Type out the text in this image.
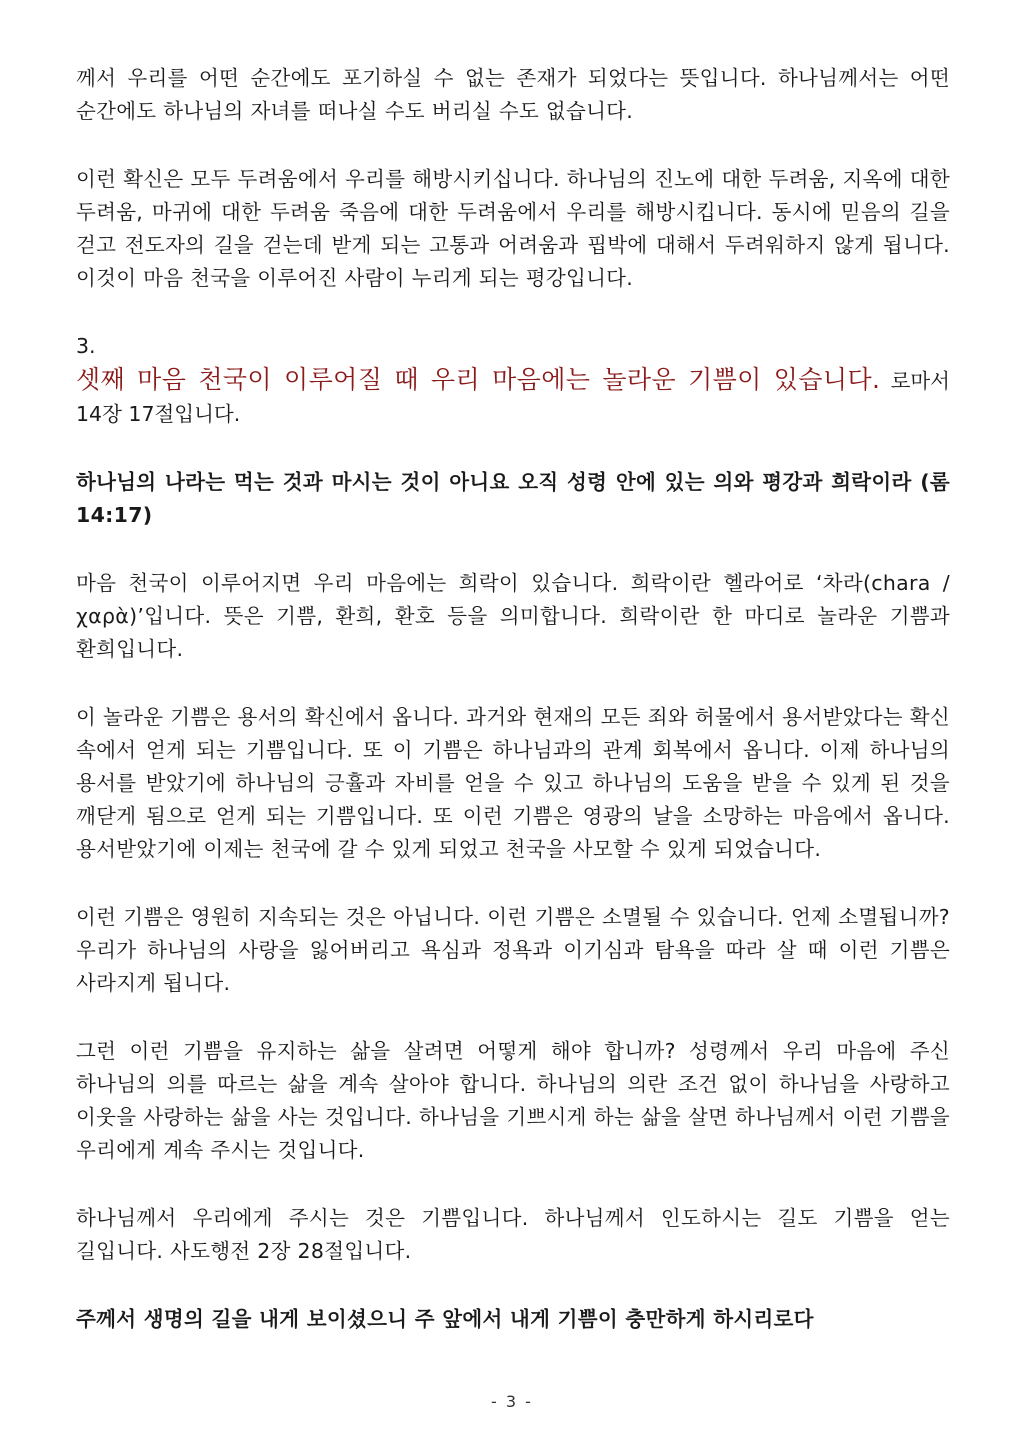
께서 우리를 어떤 순간에도 포기하실 수 없는 존재가 되었다는 뜻입니다. 하나님께서는 어떤 순간에도 하나님의 자녀를 떠나실 수도 버리실 수도 없습니다.

이런 확신은 모두 두려움에서 우리를 해방시키십니다. 하나님의 진노에 대한 두려움, 지옥에 대한 두려움, 마귀에 대한 두려움 죽음에 대한 두려움에서 우리를 해방시킵니다. 동시에 믿음의 길을 걷고 전도자의 길을 걷는데 받게 되는 고통과 어려움과 핍박에 대해서 두려워하지 않게 됩니다. 이것이 마음 천국을 이루어진 사람이 누리게 되는 평강입니다.

3.

셋째 마음 천국이 이루어질 때 우리 마음에는 놀라운 기쁨이 있습니다. 로마서 14장 17절입니다.

하나님의 나라는 먹는 것과 마시는 것이 아니요 오직 성령 안에 있는 의와 평강과 희락이라 (롬 14:17)

마음 천국이 이루어지면 우리 마음에는 희락이 있습니다. 희락이란 헬라어로 ‘차라(chara / χαρὰ)’입니다. 뜻은 기쁨, 환희, 환호 등을 의미합니다. 희락이란 한 마디로 놀라운 기쁨과 환희입니다.

이 놀라운 기쁨은 용서의 확신에서 옵니다. 과거와 현재의 모든 죄와 허물에서 용서받았다는 확신 속에서 얻게 되는 기쁨입니다. 또 이 기쁨은 하나님과의 관계 회복에서 옵니다. 이제 하나님의 용서를 받았기에 하나님의 긍휼과 자비를 얻을 수 있고 하나님의 도움을 받을 수 있게 된 것을 깨닫게 됨으로 얻게 되는 기쁨입니다. 또 이런 기쁨은 영광의 날을 소망하는 마음에서 옵니다. 용서받았기에 이제는 천국에 갈 수 있게 되었고 천국을 사모할 수 있게 되었습니다.

이런 기쁨은 영원히 지속되는 것은 아닙니다. 이런 기쁨은 소멸될 수 있습니다. 언제 소멸됩니까? 우리가 하나님의 사랑을 잃어버리고 욕심과 정욕과 이기심과 탐욕을 따라 살 때 이런 기쁨은 사라지게 됩니다.

그런 이런 기쁨을 유지하는 삶을 살려면 어떻게 해야 합니까? 성령께서 우리 마음에 주신 하나님의 의를 따르는 삶을 계속 살아야 합니다. 하나님의 의란 조건 없이 하나님을 사랑하고 이웃을 사랑하는 삶을 사는 것입니다. 하나님을 기쁘시게 하는 삶을 살면 하나님께서 이런 기쁨을 우리에게 계속 주시는 것입니다.

하나님께서 우리에게 주시는 것은 기쁨입니다. 하나님께서 인도하시는 길도 기쁨을 얻는 길입니다. 사도행전 2장 28절입니다.

주께서 생명의 길을 내게 보이셨으니 주 앞에서 내게 기쁨이 충만하게 하시리로다

- 3 -
